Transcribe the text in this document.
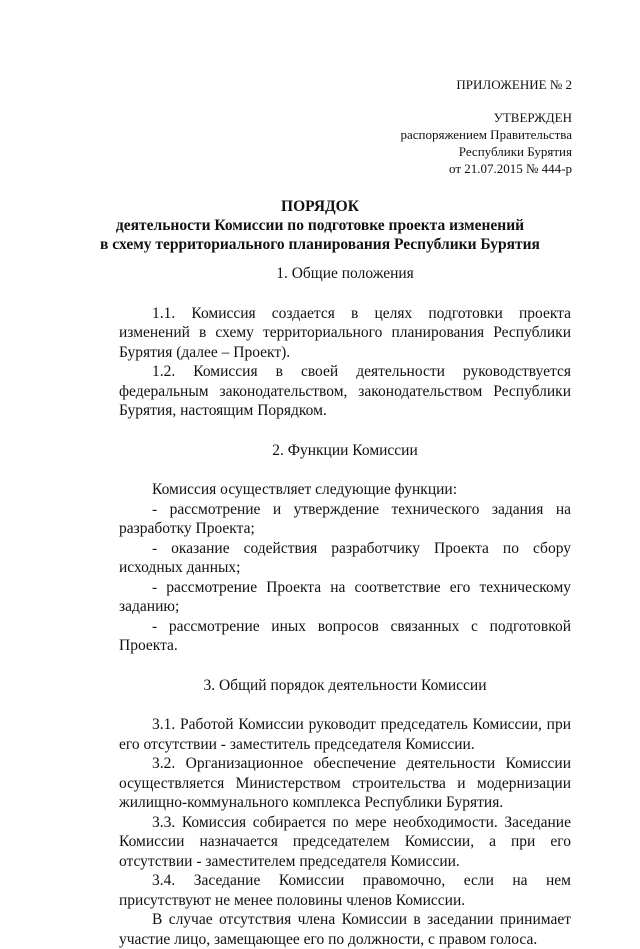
ПРИЛОЖЕНИЕ № 2
УТВЕРЖДЕН
распоряжением Правительства
Республики Бурятия
от 21.07.2015 № 444-р
ПОРЯДОК
деятельности Комиссии по подготовке проекта изменений
в схему территориального планирования Республики Бурятия

1. Общие положения

1.1. Комиссия создается в целях подготовки проекта изменений в схему территориального планирования Республики Бурятия (далее – Проект).

1.2. Комиссия в своей деятельности руководствуется федеральным законодательством, законодательством Республики Бурятия, настоящим Порядком.

2. Функции Комиссии

Комиссия осуществляет следующие функции:

- рассмотрение и утверждение технического задания на разработку Проекта;

- оказание содействия разработчику Проекта по сбору исходных данных;

- рассмотрение Проекта на соответствие его техническому заданию;

- рассмотрение иных вопросов связанных с подготовкой Проекта.

3. Общий порядок деятельности Комиссии

3.1. Работой Комиссии руководит председатель Комиссии, при его отсутствии - заместитель председателя Комиссии.

3.2. Организационное обеспечение деятельности Комиссии осуществляется Министерством строительства и модернизации жилищно-коммунального комплекса Республики Бурятия.

3.3. Комиссия собирается по мере необходимости. Заседание Комиссии назначается председателем Комиссии, а при его отсутствии - заместителем председателя Комиссии.

3.4. Заседание Комиссии правомочно, если на нем присутствуют не менее половины членов Комиссии.

В случае отсутствия члена Комиссии в заседании принимает участие лицо, замещающее его по должности, с правом голоса.
